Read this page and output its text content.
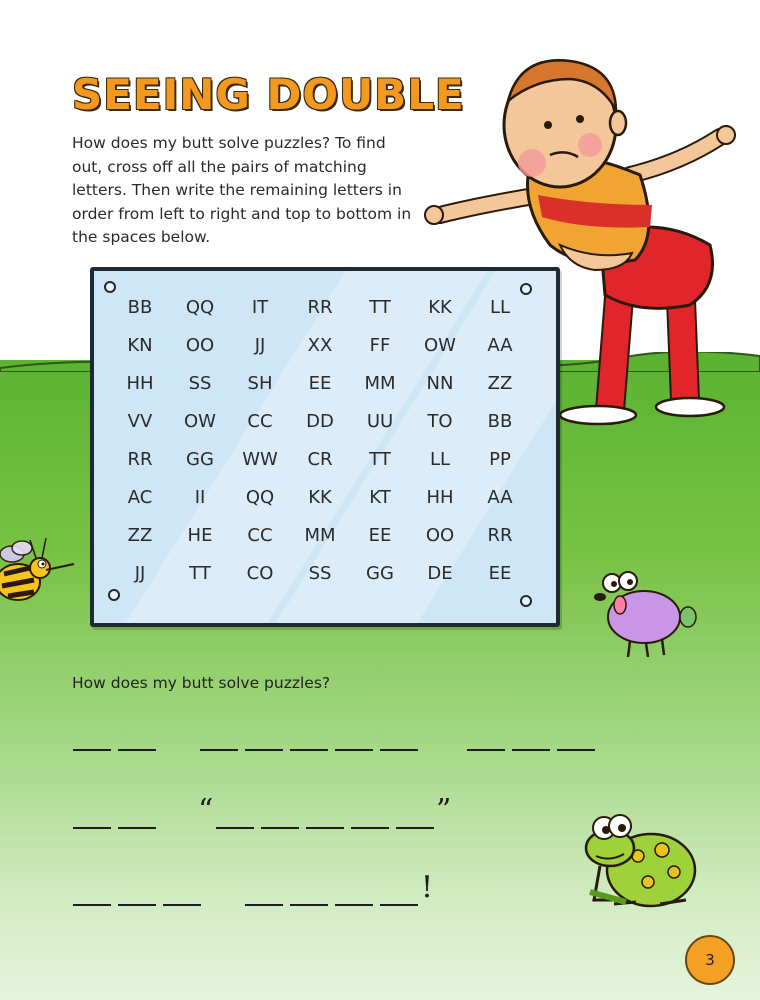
SEEING DOUBLE

How does my butt solve puzzles? To find out, cross off all the pairs of matching letters. Then write the remaining letters in order from left to right and top to bottom in the spaces below.

BB	QQ	IT	RR	TT	KK	LL
KN	OO	JJ	XX	FF	OW	AA
HH	SS	SH	EE	MM	NN	ZZ
VV	OW	CC	DD	UU	TO	BB
RR	GG	WW	CR	TT	LL	PP
AC	II	QQ	KK	KT	HH	AA
ZZ	HE	CC	MM	EE	OO	RR
JJ	TT	CO	SS	GG	DE	EE

How does my butt solve puzzles?

“	”
!
3
